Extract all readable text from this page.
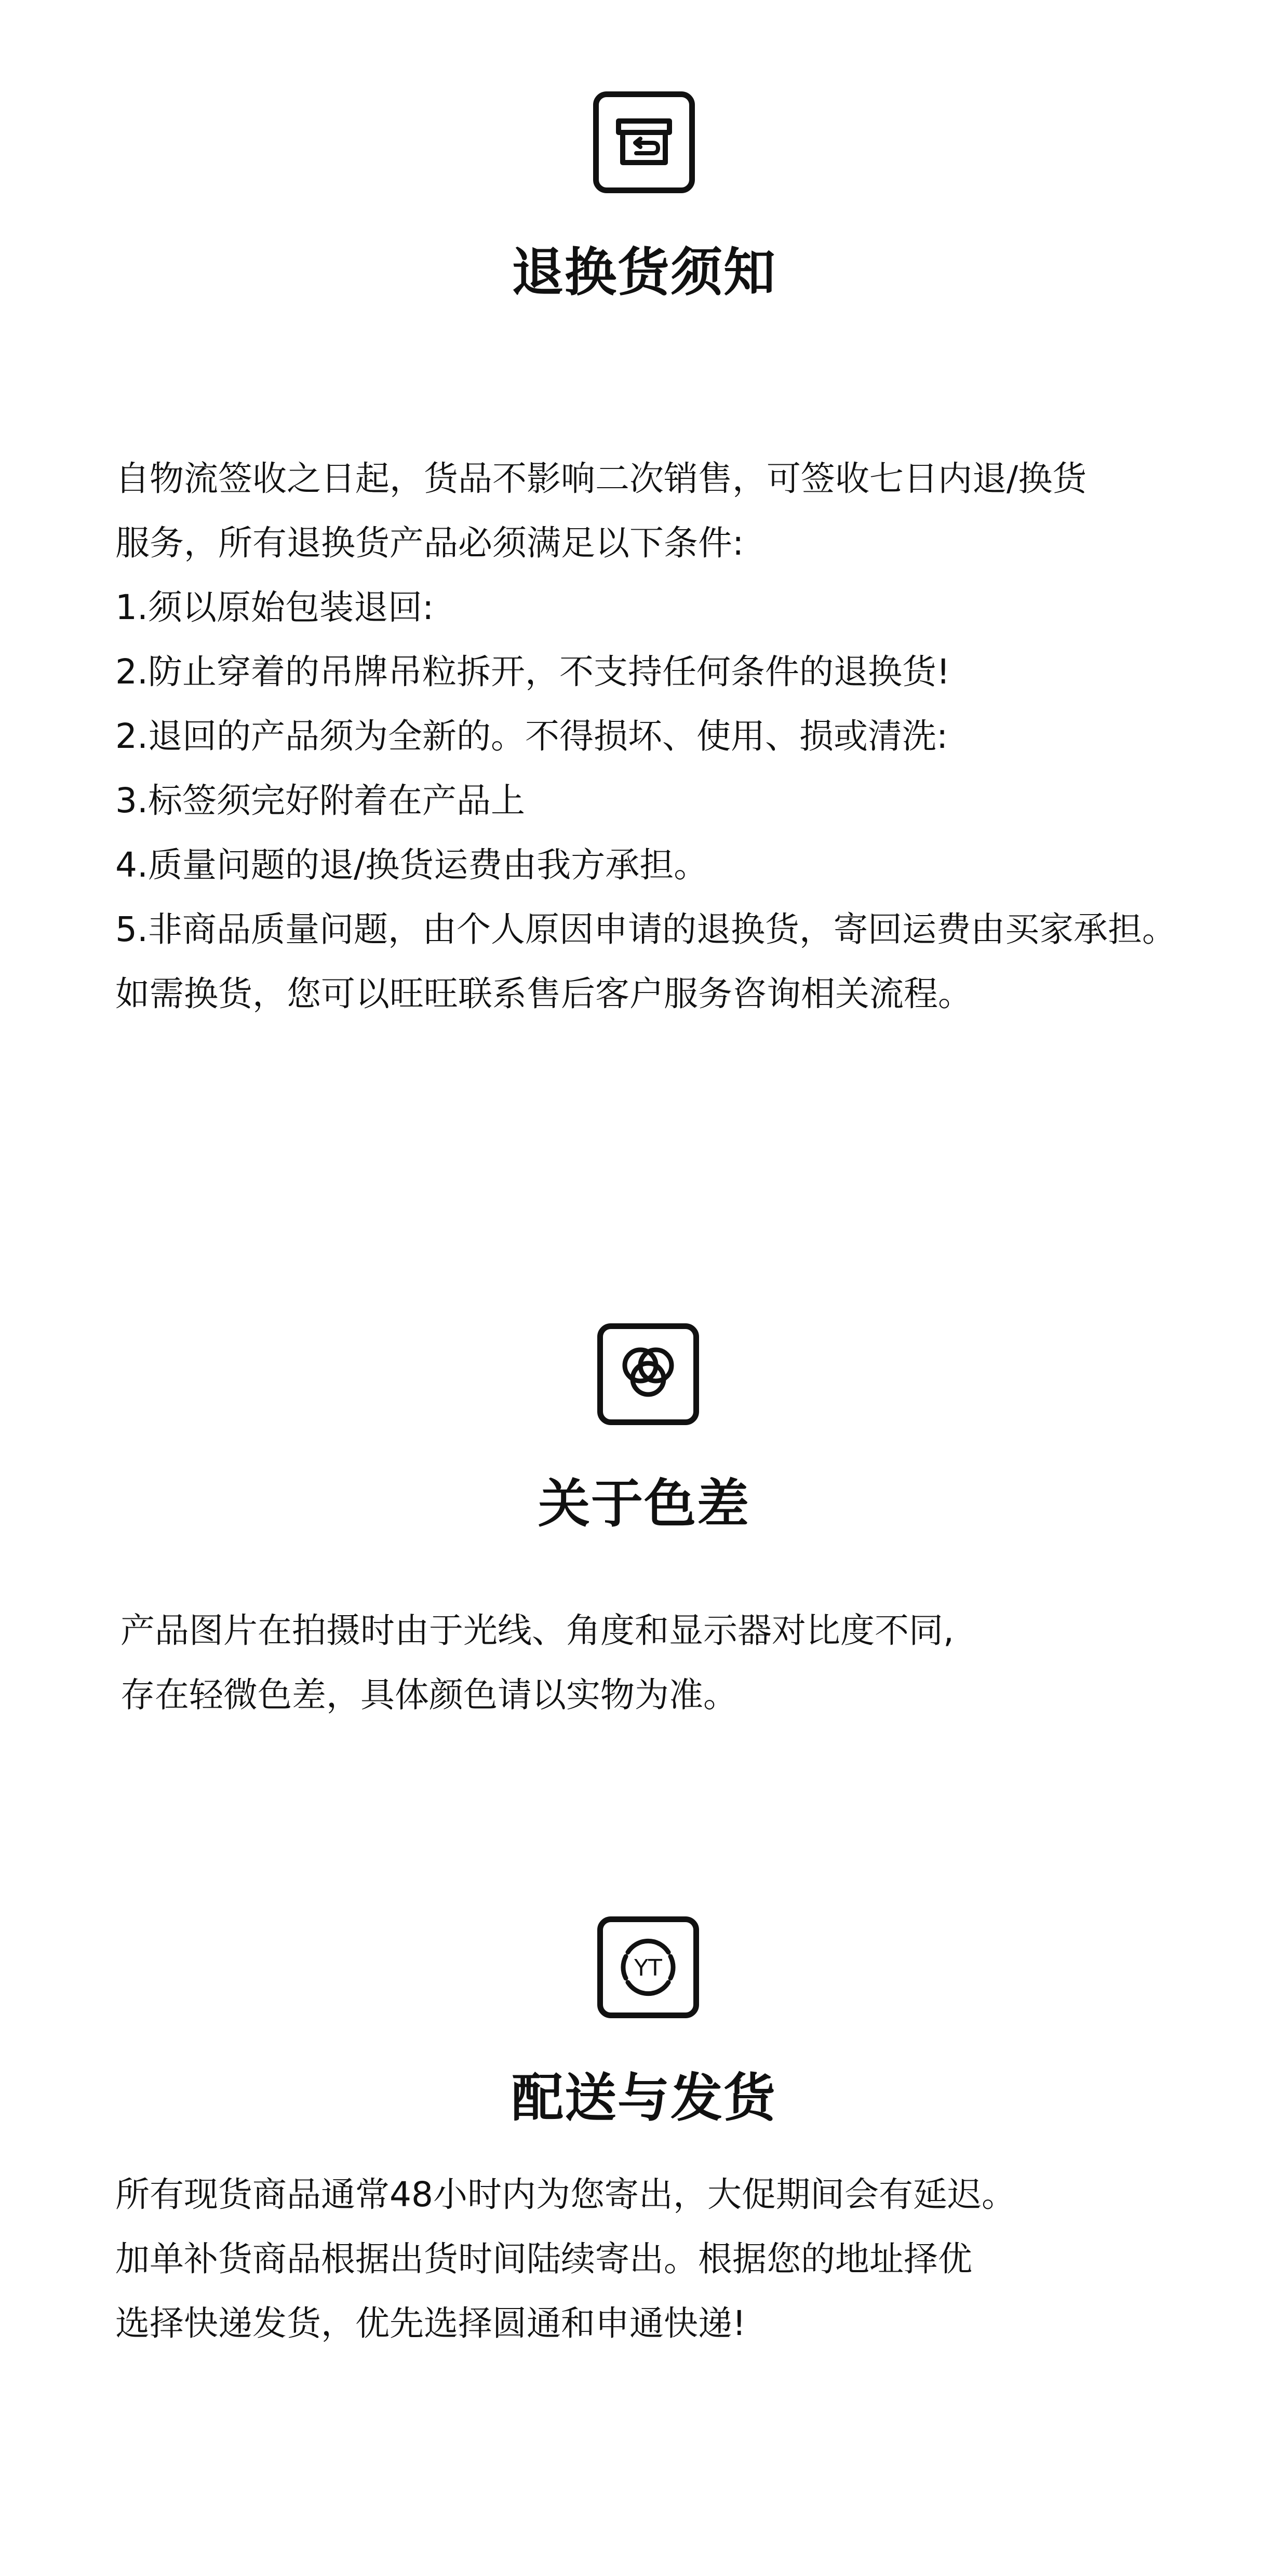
退换货须知
自物流签收之日起，货品不影响二次销售，可签收七日内退/换货
服务，所有退换货产品必须满足以下条件:
1.须以原始包装退回:
2.防止穿着的吊牌吊粒拆开，不支持任何条件的退换货!
2.退回的产品须为全新的。不得损坏、使用、损或清洗:
3.标签须完好附着在产品上
4.质量问题的退/换货运费由我方承担。
5.非商品质量问题，由个人原因申请的退换货，寄回运费由买家承担。
如需换货，您可以旺旺联系售后客户服务咨询相关流程。
关于色差
产品图片在拍摄时由于光线、角度和显示器对比度不同,
存在轻微色差，具体颜色请以实物为准。
YT
配送与发货
所有现货商品通常48小时内为您寄出，大促期间会有延迟。
加单补货商品根据出货时间陆续寄出。根据您的地址择优
选择快递发货，优先选择圆通和申通快递!
